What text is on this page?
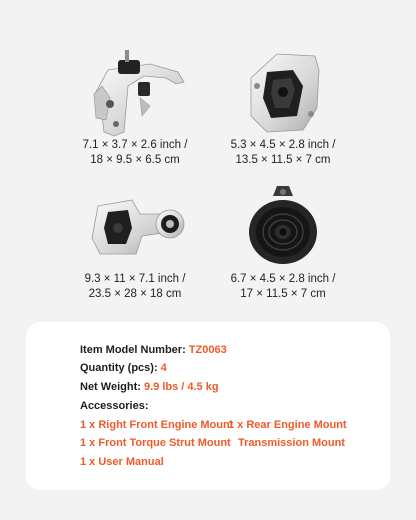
7.1 × 3.7 × 2.6 inch /
18 × 9.5 × 6.5 cm
5.3 × 4.5 × 2.8 inch /
13.5 × 11.5 × 7 cm
9.3 × 11 × 7.1 inch /
23.5 × 28 × 18 cm
6.7 × 4.5 × 2.8 inch /
17 × 11.5 × 7 cm
Item Model Number: TZ0063
Quantity (pcs): 4
Net Weight: 9.9 lbs / 4.5 kg
Accessories:
1 x Right Front Engine Mount
1 x Rear Engine Mount
1 x Front Torque Strut Mount Transmission Mount
1 x User Manual
